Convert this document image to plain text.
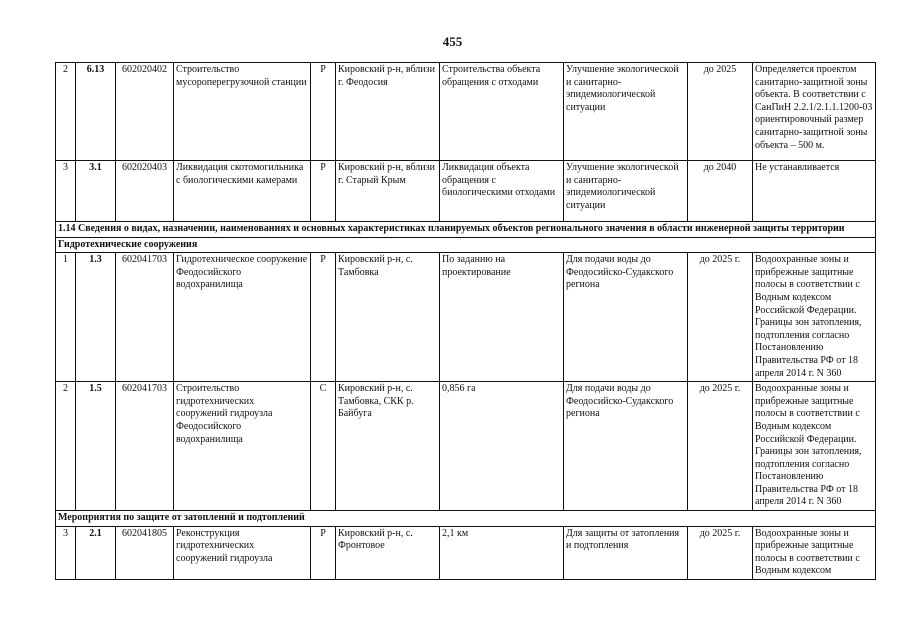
455
2	6.13	602020402	Строительство мусороперегрузочной станции	Р	Кировский р-н, вблизи г. Феодосия	Строительства объекта обращения с отходами	Улучшение экологической и санитарно-эпидемиологической ситуации	до 2025	Определяется проектом санитарно-защитной зоны объекта. В соответствии с СанПиН 2.2.1/2.1.1.1200-03 ориентировочный размер санитарно-защитной зоны объекта – 500 м.
3	3.1	602020403	Ликвидация скотомогильника с биологическими камерами	Р	Кировский р-н, вблизи г. Старый Крым	Ликвидация объекта обращения с биологическими отходами	Улучшение экологической и санитарно-эпидемиологической ситуации	до 2040	Не устанавливается
1.14 Сведения о видах, назначении, наименованиях и основных характеристиках планируемых объектов регионального значения в области инженерной защиты территории									
Гидротехнические сооружения									
1	1.3	602041703	Гидротехническое сооружение Феодосийского водохранилища	Р	Кировский р-н, с. Тамбовка	По заданию на проектирование	Для подачи воды до Феодосийско-Судакского региона	до 2025 г.	Водоохранные зоны и прибрежные защитные полосы в соответствии с Водным кодексом Российской Федерации. Границы зон затопления, подтопления согласно Постановлению Правительства РФ от 18 апреля 2014 г. N 360
2	1.5	602041703	Строительство гидротехнических сооружений гидроузла Феодосийского водохранилища	С	Кировский р-н, с. Тамбовка, СКК р. Байбуга	0,856 га	Для подачи воды до Феодосийско-Судакского региона	до 2025 г.	Водоохранные зоны и прибрежные защитные полосы в соответствии с Водным кодексом Российской Федерации. Границы зон затопления, подтопления согласно Постановлению Правительства РФ от 18 апреля 2014 г. N 360
Мероприятия по защите от затоплений и подтоплений									
3	2.1	602041805	Реконструкция гидротехнических сооружений гидроузла	Р	Кировский р-н, с. Фронтовое	2,1 км	Для защиты от затопления и подтопления	до 2025 г.	Водоохранные зоны и прибрежные защитные полосы в соответствии с Водным кодексом
